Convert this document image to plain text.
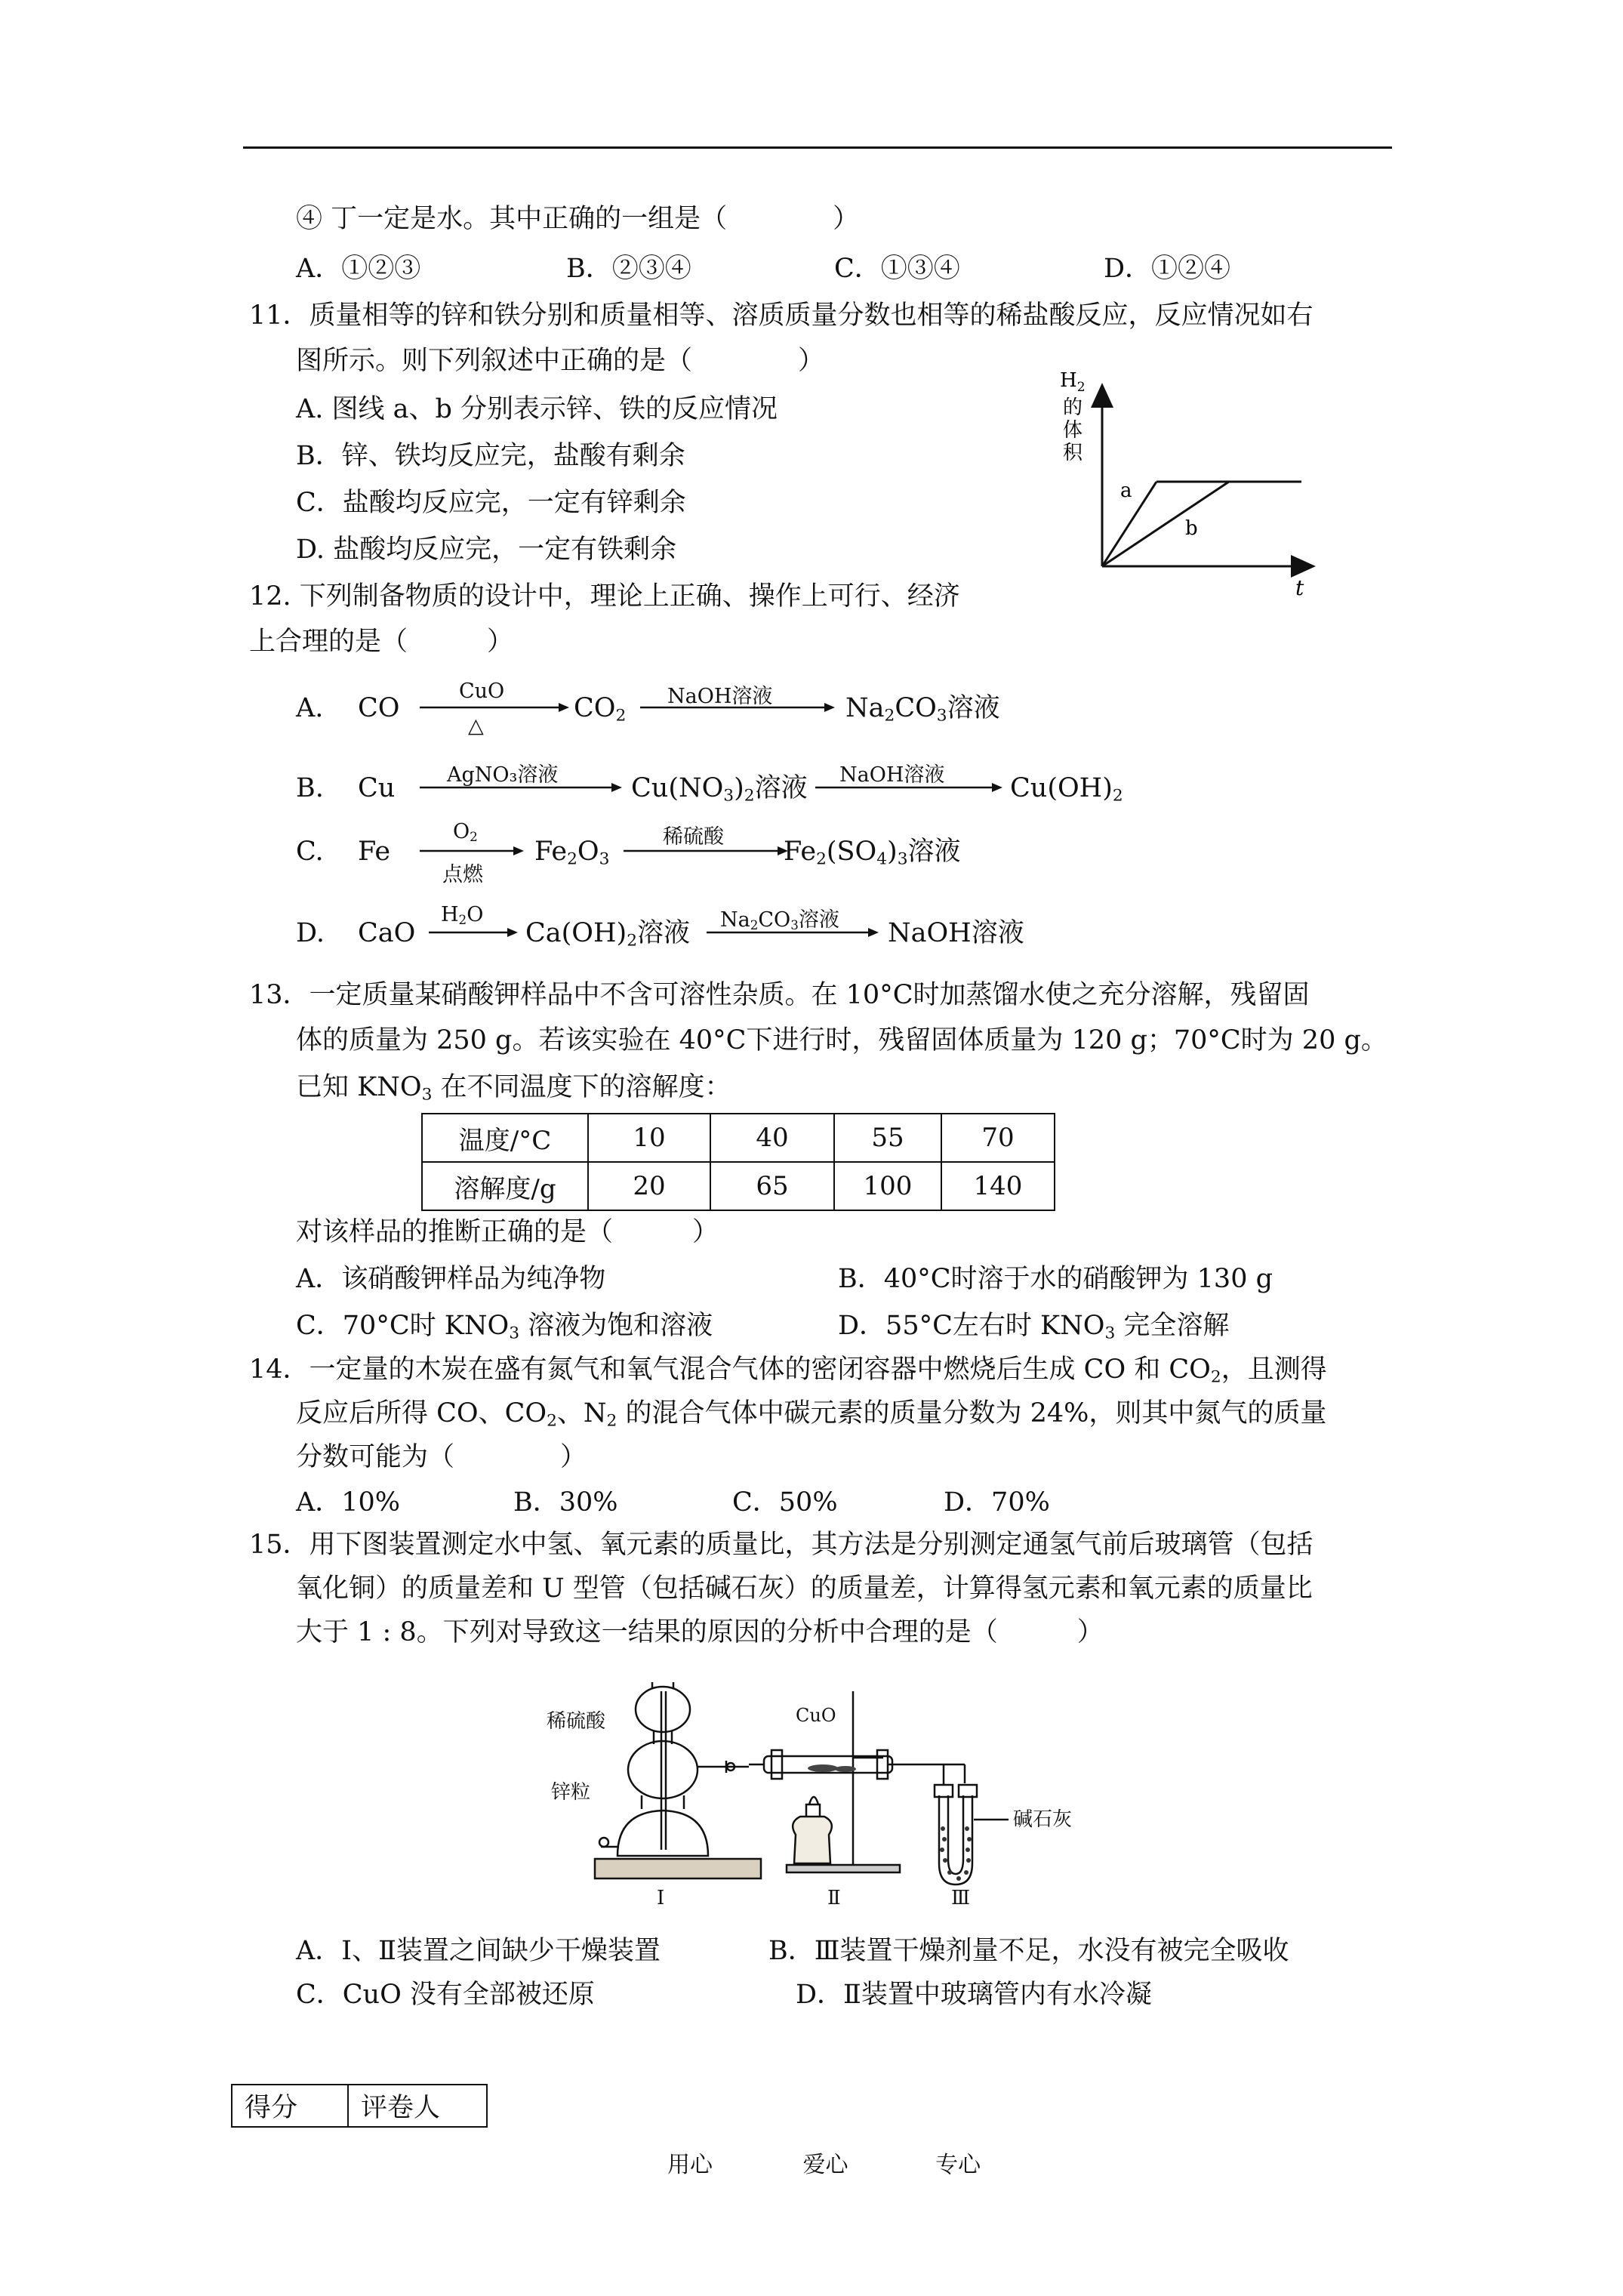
④ 丁一定是水。其中正确的一组是（　　　　）
A．①②③	B．②③④	C．①③④	D．①②④
11．质量相等的锌和铁分别和质量相等、溶质质量分数也相等的稀盐酸反应，反应情况如右
图所示。则下列叙述中正确的是（　　　　）
A. 图线 a、b 分别表示锌、铁的反应情况
B．锌、铁均反应完，盐酸有剩余
C．盐酸均反应完，一定有锌剩余
D. 盐酸均反应完，一定有铁剩余
$H_2$
的
体
积
a
b
t
12. 下列制备物质的设计中，理论上正确、操作上可行、经济
上合理的是（　　　）
A. CO
CuO
△
$CO_2$
NaOH溶液	$Na_2CO_3$溶液
B. Cu	AgNO₃溶液	$Cu(NO_3)_2$溶液 NaOH溶液 $Cu(OH)_2$
C. Fe
$O_2$
点燃
$Fe_2O_3$
稀硫酸 $Fe_2(SO_4)_3$溶液
D. CaO
$H_2O$
$Ca(OH)_2$溶液 $Na_2CO_3$溶液 NaOH溶液
13．一定质量某硝酸钾样品中不含可溶性杂质。在 10°C时加蒸馏水使之充分溶解，残留固
体的质量为 250 g。若该实验在 40°C下进行时，残留固体质量为 120 g；70°C时为 20 g。
已知 $KNO_3$ 在不同温度下的溶解度：
温度/°C	10	40	55	70
溶解度/g	20	65	100	140
对该样品的推断正确的是（　　　）
A．该硝酸钾样品为纯净物	B．40°C时溶于水的硝酸钾为 130 g
C．70°C时 $KNO_3$ 溶液为饱和溶液	D．55°C左右时 $KNO_3$ 完全溶解
14．一定量的木炭在盛有氮气和氧气混合气体的密闭容器中燃烧后生成 CO 和 $CO_2$，且测得
反应后所得 CO、$CO_2$、$N_2$ 的混合气体中碳元素的质量分数为 24%，则其中氮气的质量
分数可能为（　　　　）
A．10%	B．30%	C．50%	D．70%
15．用下图装置测定水中氢、氧元素的质量比，其方法是分别测定通氢气前后玻璃管（包括
氧化铜）的质量差和 U 型管（包括碱石灰）的质量差，计算得氢元素和氧元素的质量比
大于 1 : 8。下列对导致这一结果的原因的分析中合理的是（　　　）
稀硫酸
锌粒
CuO
碱石灰
Ⅰ	Ⅱ	Ⅲ
A．Ⅰ、Ⅱ装置之间缺少干燥装置	B．Ⅲ装置干燥剂量不足，水没有被完全吸收
C．CuO 没有全部被还原	D．Ⅱ装置中玻璃管内有水冷凝
得分	评卷人
用心	爱心	专心
